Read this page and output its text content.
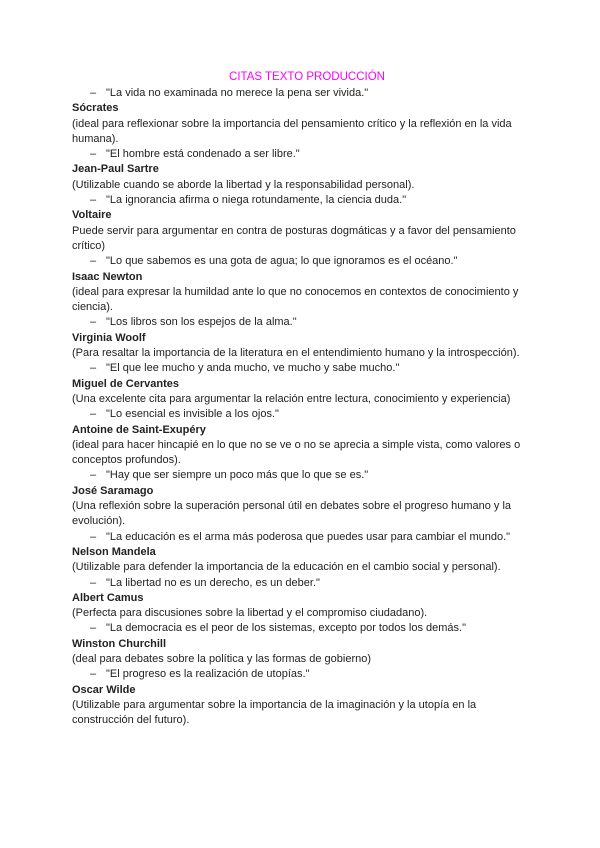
CITAS TEXTO PRODUCCIÓN
– "La vida no examinada no merece la pena ser vivida."
Sócrates
(ideal para reflexionar sobre la importancia del pensamiento crítico y la reflexión en la vida humana).
– "El hombre está condenado a ser libre."
Jean-Paul Sartre
(Utilizable cuando se aborde la libertad y la responsabilidad personal).
– "La ignorancia afirma o niega rotundamente, la ciencia duda."
Voltaire
Puede servir para argumentar en contra de posturas dogmáticas y a favor del pensamiento crítico)
– "Lo que sabemos es una gota de agua; lo que ignoramos es el océano."
Isaac Newton
(ideal para expresar la humildad ante lo que no conocemos en contextos de conocimiento y ciencia).
– "Los libros son los espejos de la alma."
Virginia Woolf
(Para resaltar la importancia de la literatura en el entendimiento humano y la introspección).
– "El que lee mucho y anda mucho, ve mucho y sabe mucho."
Miguel de Cervantes
(Una excelente cita para argumentar la relación entre lectura, conocimiento y experiencia)
– "Lo esencial es invisible a los ojos."
Antoine de Saint-Exupéry
(ideal para hacer hincapié en lo que no se ve o no se aprecia a simple vista, como valores o conceptos profundos).
– "Hay que ser siempre un poco más que lo que se es."
José Saramago
(Una reflexión sobre la superación personal útil en debates sobre el progreso humano y la evolución).
– "La educación es el arma más poderosa que puedes usar para cambiar el mundo."
Nelson Mandela
(Utilizable para defender la importancia de la educación en el cambio social y personal).
– "La libertad no es un derecho, es un deber."
Albert Camus
(Perfecta para discusiones sobre la libertad y el compromiso ciudadano).
– "La democracia es el peor de los sistemas, excepto por todos los demás."
Winston Churchill
(deal para debates sobre la política y las formas de gobierno)
– "El progreso es la realización de utopías."
Oscar Wilde
(Utilizable para argumentar sobre la importancia de la imaginación y la utopía en la construcción del futuro).
